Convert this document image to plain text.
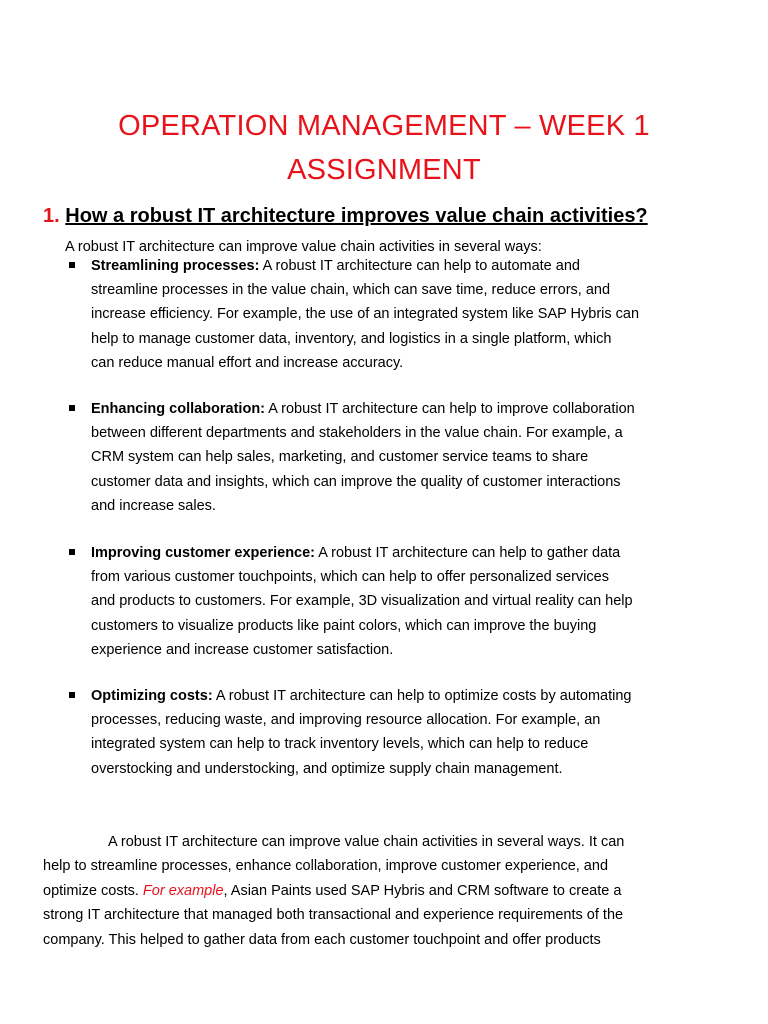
OPERATION MANAGEMENT – WEEK 1
ASSIGNMENT
1. How a robust IT architecture improves value chain activities?
A robust IT architecture can improve value chain activities in several ways:
Streamlining processes: A robust IT architecture can help to automate and
streamline processes in the value chain, which can save time, reduce errors, and
increase efficiency. For example, the use of an integrated system like SAP Hybris can
help to manage customer data, inventory, and logistics in a single platform, which
can reduce manual effort and increase accuracy.
Enhancing collaboration: A robust IT architecture can help to improve collaboration
between different departments and stakeholders in the value chain. For example, a
CRM system can help sales, marketing, and customer service teams to share
customer data and insights, which can improve the quality of customer interactions
and increase sales.
Improving customer experience: A robust IT architecture can help to gather data
from various customer touchpoints, which can help to offer personalized services
and products to customers. For example, 3D visualization and virtual reality can help
customers to visualize products like paint colors, which can improve the buying
experience and increase customer satisfaction.
Optimizing costs: A robust IT architecture can help to optimize costs by automating
processes, reducing waste, and improving resource allocation. For example, an
integrated system can help to track inventory levels, which can help to reduce
overstocking and understocking, and optimize supply chain management.
A robust IT architecture can improve value chain activities in several ways. It can
help to streamline processes, enhance collaboration, improve customer experience, and
optimize costs. For example, Asian Paints used SAP Hybris and CRM software to create a
strong IT architecture that managed both transactional and experience requirements of the
company. This helped to gather data from each customer touchpoint and offer products
